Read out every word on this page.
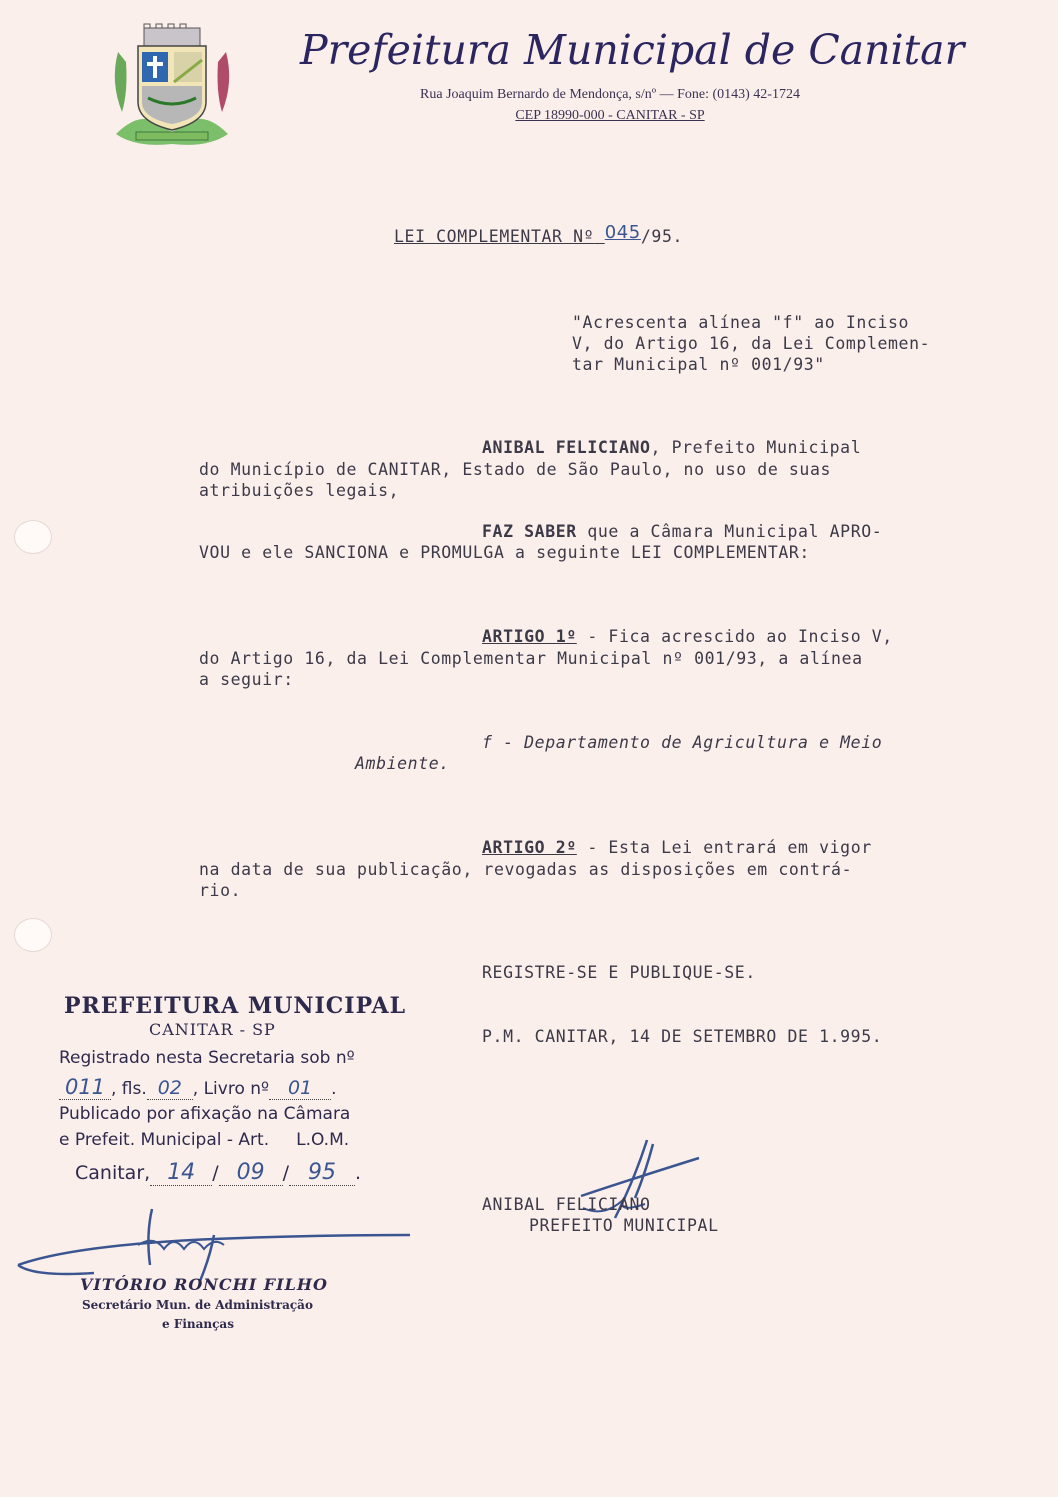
Prefeitura Municipal de Canitar
Rua Joaquim Bernardo de Mendonça, s/nº — Fone: (0143) 42-1724
CEP 18990-000 - CANITAR - SP
LEI COMPLEMENTAR Nº 045/95.
"Acrescenta alínea "f" ao Inciso
V, do Artigo 16, da Lei Complemen-
tar Municipal nº 001/93"
ANIBAL FELICIANO, Prefeito Municipal
do Município de CANITAR, Estado de São Paulo, no uso de suas
atribuições legais,
FAZ SABER que a Câmara Municipal APRO-
VOU e ele SANCIONA e PROMULGA a seguinte LEI COMPLEMENTAR:
ARTIGO 1º - Fica acrescido ao Inciso V,
do Artigo 16, da Lei Complementar Municipal nº 001/93, a alínea
a seguir:
f - Departamento de Agricultura e Meio
Ambiente.
ARTIGO 2º - Esta Lei entrará em vigor
na data de sua publicação, revogadas as disposições em contrá-
rio.
REGISTRE-SE E PUBLIQUE-SE.
P.M. CANITAR, 14 DE SETEMBRO DE 1.995.
ANIBAL FELICIANO
PREFEITO MUNICIPAL
PREFEITURA MUNICIPAL
CANITAR - SP
Registrado nesta Secretaria sob nº
011 , fls. 02 , Livro nº 01 .
Publicado por afixação na Câmara
e Prefeit. Municipal - Art.     L.O.M.
Canitar, 14 / 09 / 95 .
VITÓRIO RONCHI FILHO
Secretário Mun. de Administração
e Finanças
